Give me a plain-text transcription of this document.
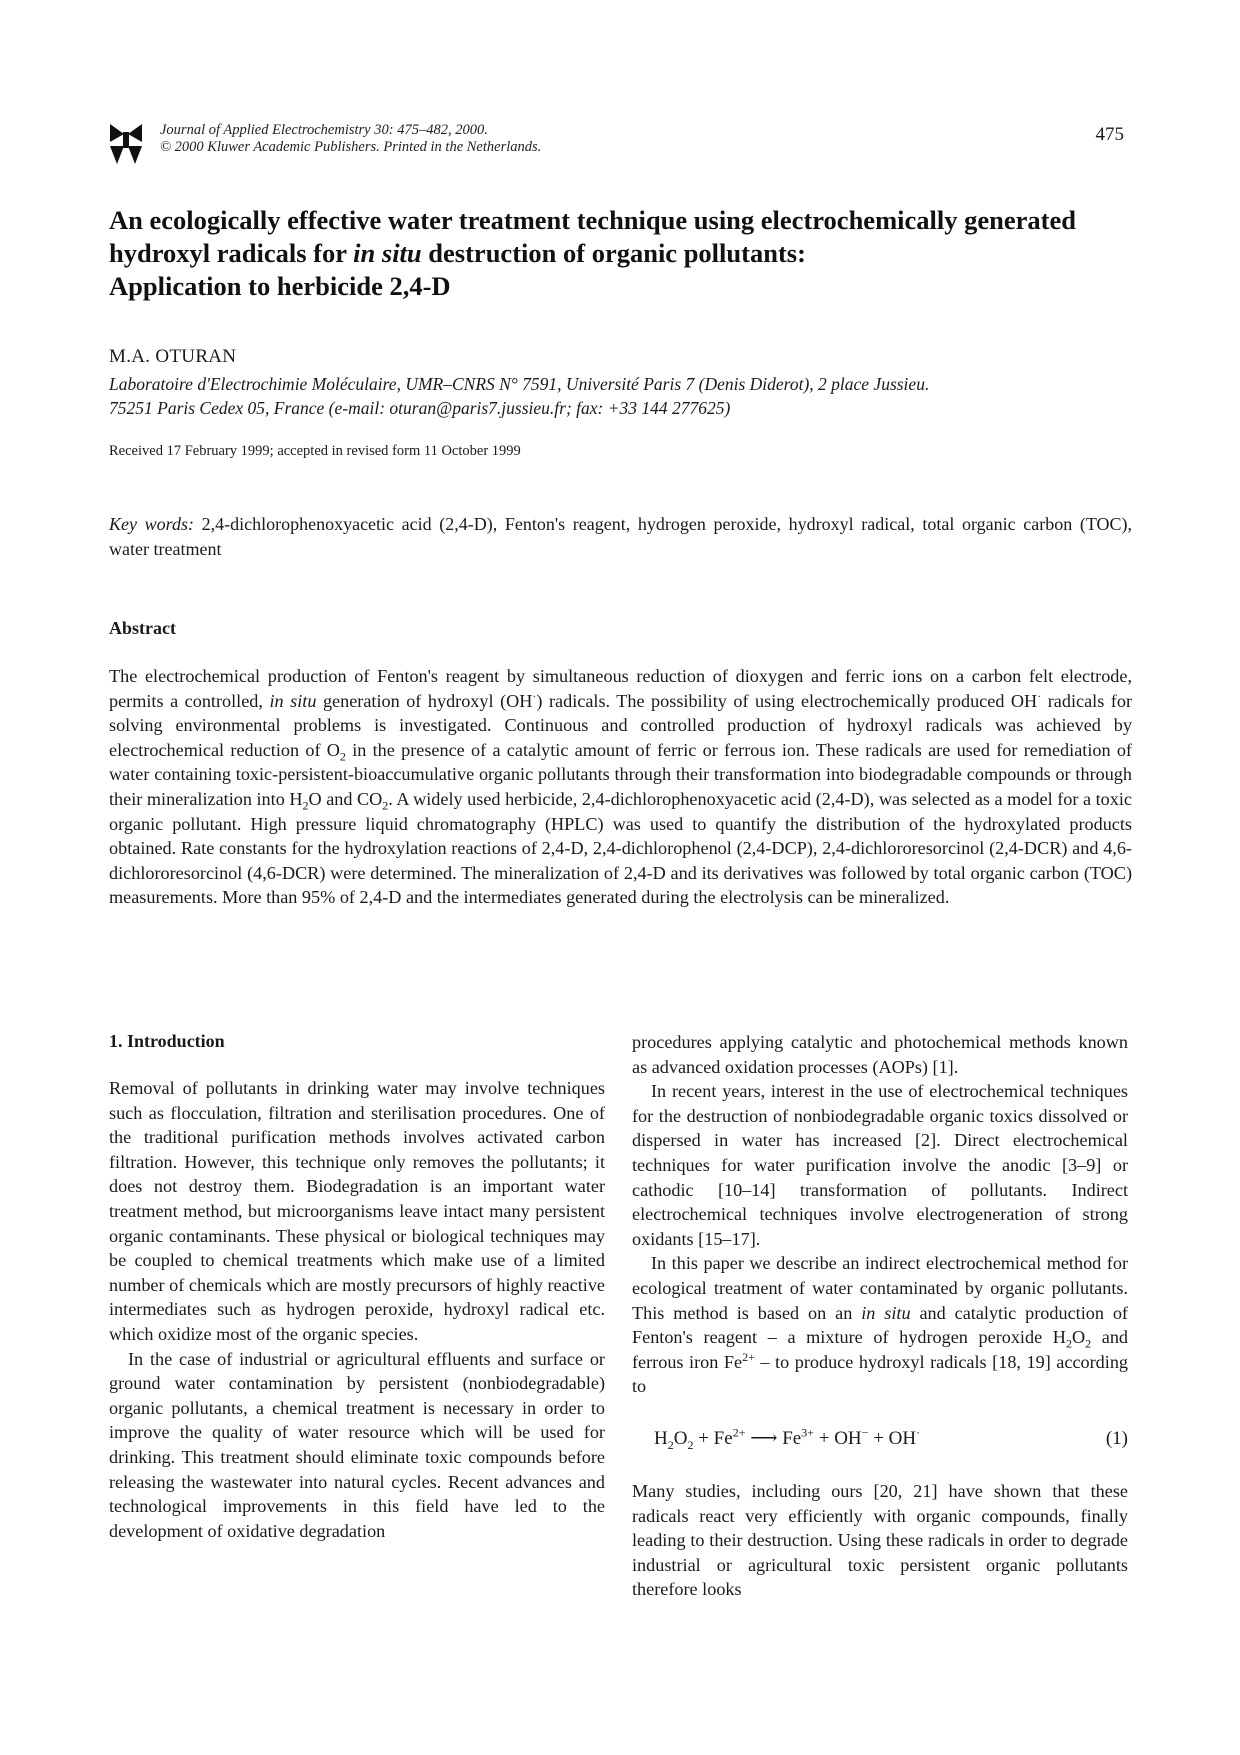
Journal of Applied Electrochemistry 30: 475–482, 2000.
© 2000 Kluwer Academic Publishers. Printed in the Netherlands.
475
An ecologically effective water treatment technique using electrochemically generated
hydroxyl radicals for in situ destruction of organic pollutants:
Application to herbicide 2,4-D
M.A. OTURAN
Laboratoire d'Electrochimie Moléculaire, UMR–CNRS N° 7591, Université Paris 7 (Denis Diderot), 2 place Jussieu.
75251 Paris Cedex 05, France (e-mail: oturan@paris7.jussieu.fr; fax: +33 144 277625)
Received 17 February 1999; accepted in revised form 11 October 1999
Key words: 2,4-dichlorophenoxyacetic acid (2,4-D), Fenton's reagent, hydrogen peroxide, hydroxyl radical, total organic carbon (TOC), water treatment
Abstract

The electrochemical production of Fenton's reagent by simultaneous reduction of dioxygen and ferric ions on a carbon felt electrode, permits a controlled, in situ generation of hydroxyl (OH·) radicals. The possibility of using electrochemically produced OH· radicals for solving environmental problems is investigated. Continuous and controlled production of hydroxyl radicals was achieved by electrochemical reduction of $O_2$ in the presence of a catalytic amount of ferric or ferrous ion. These radicals are used for remediation of water containing toxic-persistent-bioaccumulative organic pollutants through their transformation into biodegradable compounds or through their mineralization into $H_2O$ and $CO_2$. A widely used herbicide, 2,4-dichlorophenoxyacetic acid (2,4-D), was selected as a model for a toxic organic pollutant. High pressure liquid chromatography (HPLC) was used to quantify the distribution of the hydroxylated products obtained. Rate constants for the hydroxylation reactions of 2,4-D, 2,4-dichlorophenol (2,4-DCP), 2,4-dichlororesorcinol (2,4-DCR) and 4,6-dichlororesorcinol (4,6-DCR) were determined. The mineralization of 2,4-D and its derivatives was followed by total organic carbon (TOC) measurements. More than 95% of 2,4-D and the intermediates generated during the electrolysis can be mineralized.

1. Introduction

Removal of pollutants in drinking water may involve techniques such as flocculation, filtration and sterilisation procedures. One of the traditional purification methods involves activated carbon filtration. However, this technique only removes the pollutants; it does not destroy them. Biodegradation is an important water treatment method, but microorganisms leave intact many persistent organic contaminants. These physical or biological techniques may be coupled to chemical treatments which make use of a limited number of chemicals which are mostly precursors of highly reactive intermediates such as hydrogen peroxide, hydroxyl radical etc. which oxidize most of the organic species.

In the case of industrial or agricultural effluents and surface or ground water contamination by persistent (nonbiodegradable) organic pollutants, a chemical treatment is necessary in order to improve the quality of water resource which will be used for drinking. This treatment should eliminate toxic compounds before releasing the wastewater into natural cycles. Recent advances and technological improvements in this field have led to the development of oxidative degradation

procedures applying catalytic and photochemical methods known as advanced oxidation processes (AOPs) [1].

In recent years, interest in the use of electrochemical techniques for the destruction of nonbiodegradable organic toxics dissolved or dispersed in water has increased [2]. Direct electrochemical techniques for water purification involve the anodic [3–9] or cathodic [10–14] transformation of pollutants. Indirect electrochemical techniques involve electrogeneration of strong oxidants [15–17].

In this paper we describe an indirect electrochemical method for ecological treatment of water contaminated by organic pollutants. This method is based on an in situ and catalytic production of Fenton's reagent – a mixture of hydrogen peroxide $H_2O_2$ and ferrous iron $Fe^{2+}$ – to produce hydroxyl radicals [18, 19] according to

$H_2O_2 + Fe^{2+}$ ⟶ $Fe^{3+} + OH^- + OH^\cdot$	(1)

Many studies, including ours [20, 21] have shown that these radicals react very efficiently with organic compounds, finally leading to their destruction. Using these radicals in order to degrade industrial or agricultural toxic persistent organic pollutants therefore looks
